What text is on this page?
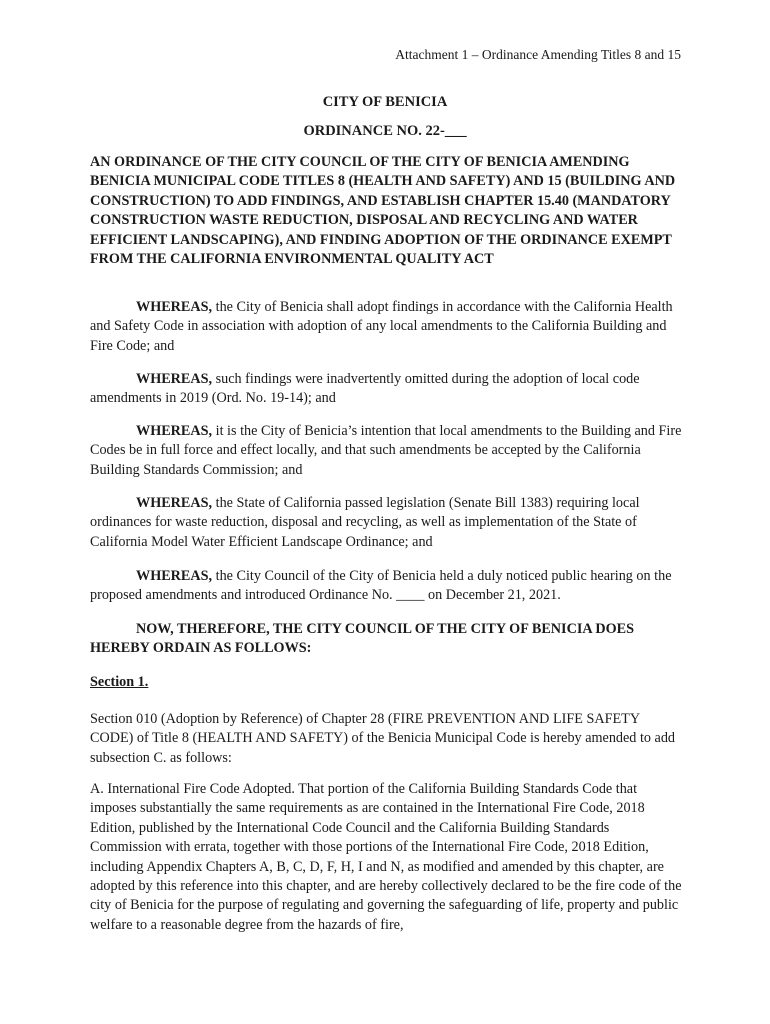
Attachment 1 – Ordinance Amending Titles 8 and 15
CITY OF BENICIA
ORDINANCE NO. 22-___

AN ORDINANCE OF THE CITY COUNCIL OF THE CITY OF BENICIA AMENDING BENICIA MUNICIPAL CODE TITLES 8 (HEALTH AND SAFETY) AND 15 (BUILDING AND CONSTRUCTION) TO ADD FINDINGS, AND ESTABLISH CHAPTER 15.40 (MANDATORY CONSTRUCTION WASTE REDUCTION, DISPOSAL AND RECYCLING AND WATER EFFICIENT LANDSCAPING), AND FINDING ADOPTION OF THE ORDINANCE EXEMPT FROM THE CALIFORNIA ENVIRONMENTAL QUALITY ACT

WHEREAS, the City of Benicia shall adopt findings in accordance with the California Health and Safety Code in association with adoption of any local amendments to the California Building and Fire Code; and

WHEREAS, such findings were inadvertently omitted during the adoption of local code amendments in 2019 (Ord. No. 19-14); and

WHEREAS, it is the City of Benicia’s intention that local amendments to the Building and Fire Codes be in full force and effect locally, and that such amendments be accepted by the California Building Standards Commission; and

WHEREAS, the State of California passed legislation (Senate Bill 1383) requiring local ordinances for waste reduction, disposal and recycling, as well as implementation of the State of California Model Water Efficient Landscape Ordinance; and

WHEREAS, the City Council of the City of Benicia held a duly noticed public hearing on the proposed amendments and introduced Ordinance No. ____ on December 21, 2021.

NOW, THEREFORE, THE CITY COUNCIL OF THE CITY OF BENICIA DOES HEREBY ORDAIN AS FOLLOWS:

Section 1.

Section 010 (Adoption by Reference) of Chapter 28 (FIRE PREVENTION AND LIFE SAFETY CODE) of Title 8 (HEALTH AND SAFETY) of the Benicia Municipal Code is hereby amended to add subsection C. as follows:

A. International Fire Code Adopted. That portion of the California Building Standards Code that imposes substantially the same requirements as are contained in the International Fire Code, 2018 Edition, published by the International Code Council and the California Building Standards Commission with errata, together with those portions of the International Fire Code, 2018 Edition, including Appendix Chapters A, B, C, D, F, H, I and N, as modified and amended by this chapter, are adopted by this reference into this chapter, and are hereby collectively declared to be the fire code of the city of Benicia for the purpose of regulating and governing the safeguarding of life, property and public welfare to a reasonable degree from the hazards of fire,
